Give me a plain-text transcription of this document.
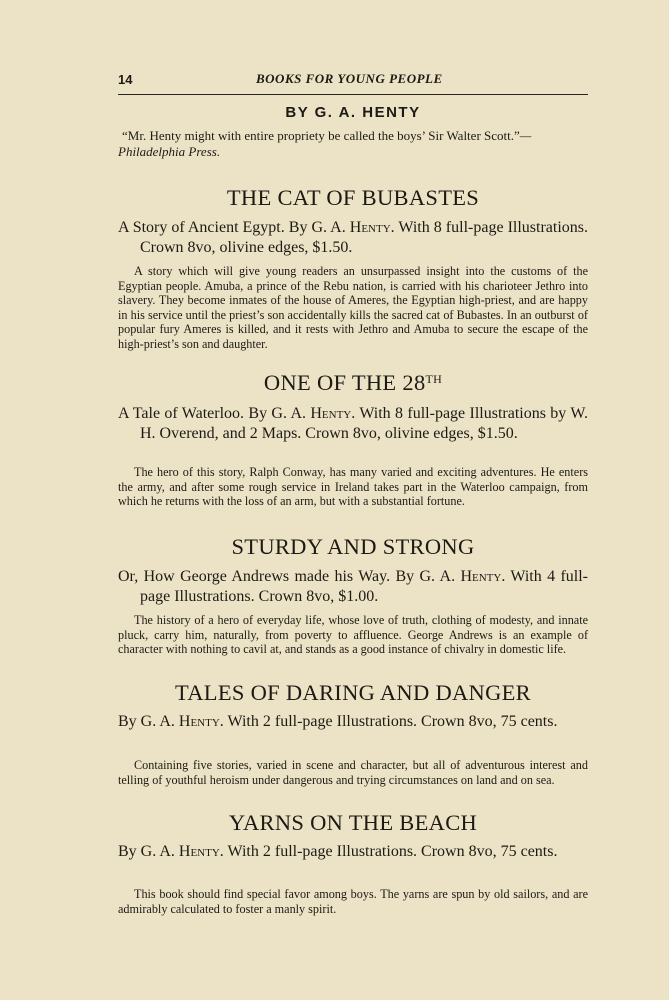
14	BOOKS FOR YOUNG PEOPLE
BY G. A. HENTY
“Mr. Henty might with entire propriety be called the boys’ Sir Walter Scott.”—Philadelphia Press.
THE CAT OF BUBASTES
A Story of Ancient Egypt. By G. A. Henty. With 8 full-page Illustrations. Crown 8vo, olivine edges, $1.50.
A story which will give young readers an unsurpassed insight into the customs of the Egyptian people. Amuba, a prince of the Rebu nation, is carried with his charioteer Jethro into slavery. They become inmates of the house of Ameres, the Egyptian high-priest, and are happy in his service until the priest’s son accidentally kills the sacred cat of Bubastes. In an outburst of popular fury Ameres is killed, and it rests with Jethro and Amuba to secure the escape of the high-priest’s son and daughter.
ONE OF THE 28TH
A Tale of Waterloo. By G. A. Henty. With 8 full-page Illustrations by W. H. Overend, and 2 Maps. Crown 8vo, olivine edges, $1.50.
The hero of this story, Ralph Conway, has many varied and exciting adventures. He enters the army, and after some rough service in Ireland takes part in the Waterloo campaign, from which he returns with the loss of an arm, but with a substantial fortune.
STURDY AND STRONG
Or, How George Andrews made his Way. By G. A. Henty. With 4 full-page Illustrations. Crown 8vo, $1.00.
The history of a hero of everyday life, whose love of truth, clothing of modesty, and innate pluck, carry him, naturally, from poverty to affluence. George Andrews is an example of character with nothing to cavil at, and stands as a good instance of chivalry in domestic life.
TALES OF DARING AND DANGER
By G. A. Henty. With 2 full-page Illustrations. Crown 8vo, 75 cents.
Containing five stories, varied in scene and character, but all of adventurous interest and telling of youthful heroism under dangerous and trying circumstances on land and on sea.
YARNS ON THE BEACH
By G. A. Henty. With 2 full-page Illustrations. Crown 8vo, 75 cents.
This book should find special favor among boys. The yarns are spun by old sailors, and are admirably calculated to foster a manly spirit.
